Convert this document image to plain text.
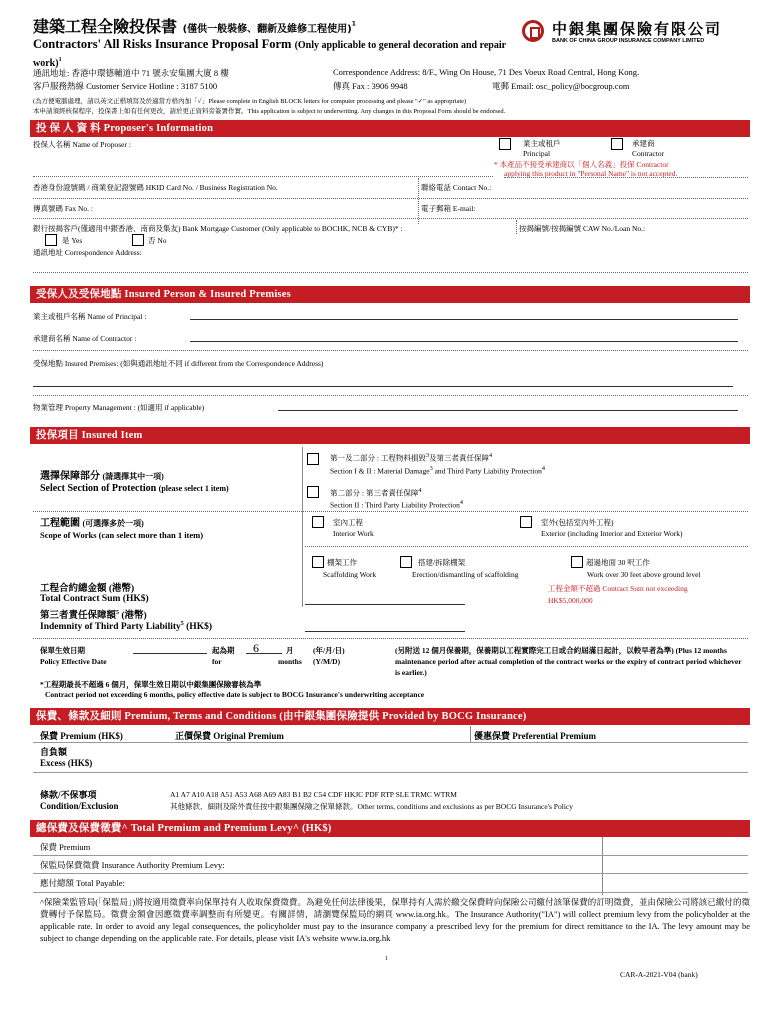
建築工程全險投保書 (僅供一般裝修、翻新及維修工程使用)$^1$
Contractors' All Risks Insurance Proposal Form (Only applicable to general decoration and repair work)$^1$
中銀集團保險有限公司
BANK OF CHINA GROUP INSURANCE COMPANY LIMITED
通訊地址: 香港中環德輔道中 71 號永安集團大廈 8 樓	Correspondence Address: 8/F., Wing On House, 71 Des Voeux Road Central, Hong Kong.
客戶服務熱線 Customer Service Hotline : 3187 5100	傳真 Fax : 3906 9948	電郵 Email: osc_policy@bocgroup.com
(為方便電腦處理，請以英文正楷填寫及於適當方格內加「✓」Please complete in English BLOCK letters for computer processing and please "✓" as appropriate)
本申請須經核保程序，投保書上如有任何更改，請於更正資料旁簽署作實。This application is subject to underwriting. Any changes in this Proposal Form should be endorsed.
投 保 人 資 料 Proposer's Information
投保人名稱 Name of Proposer :	業主或租戶
Principal
承建商
Contractor
* 本產品不接受承建商以「個人名義」投保 Contractor
applying this product in "Personal Name" is not accepted.
香港身份證號碼 / 商業登記證號碼 HKID Card No. / Business Registration No.	聯絡電話 Contact No.:
傳真號碼 Fax No. :	電子郵箱 E-mail:
銀行按揭客戶(僅適用中銀香港、南商及集友) Bank Mortgage Customer (Only applicable to BOCHK, NCB & CYB)* :	按揭編號/按揭編號 CAW No./Loan No.:
是 Yes	否 No
通訊地址 Correspondence Address:
受保人及受保地點 Insured Person & Insured Premises
業主或租戶名稱 Name of Principal :
承建商名稱 Name of Contractor :
受保地點 Insured Premises: (如與通訊地址不同 if different from the Correspondence Address)
物業管理 Property Management : (如適用 if applicable)
投保項目 Insured Item
選擇保障部分 (請選擇其中一項)
Select Section of Protection (please select 1 item)
第一及二部分 : 工程物料損毀$^3$及第三者責任保障$^4$
Section I & II : Material Damage$^3$ and Third Party Liability Protection$^4$
第二部分 : 第三者責任保障$^4$
Section II : Third Party Liability Protection$^4$
工程範圍 (可選擇多於一項)
Scope of Works (can select more than 1 item)
室內工程
Interior Work
室外(包括室內外工程)
Exterior (including Interior and Exterior Work)
棚架工作
Scaffolding Work
搭建/拆除棚架
Erection/dismantling of scaffolding
超過地面 30 呎工作
Work over 30 feet above ground level
工程合約總金額 (港幣)
Total Contract Sum (HK$)
工程金額不超過 Contract Sum not exceeding
HK$5,000,000
第三者責任保障額$^5$ (港幣)
Indemnity of Third Party Liability$^5$ (HK$)
保單生效日期
Policy Effective Date
起為期
for
6	月
months
(年/月/日)
(Y/M/D)
(另附送 12 個月保養期，保養期以工程實際完工日或合約屆滿日起計，以較早者為準) (Plus 12 months maintenance period after actual completion of the contract works or the expiry of contract period whichever is earlier.)
*工程期最長不超過 6 個月，保單生效日期以中銀集團保險審核為準
Contract period not exceeding 6 months, policy effective date is subject to BOCG Insurance's underwriting acceptance
保費、條款及細則 Premium, Terms and Conditions (由中銀集團保險提供 Provided by BOCG Insurance)
保費 Premium (HK$)	正價保費 Original Premium	優惠保費 Preferential Premium
自負額
Excess (HK$)
條款/不保事項
Condition/Exclusion
A1 A7 A10 A18 A51 A53 A68 A69 A83 B1 B2 C54 CDF HKJC PDF RTP SLE TRMC WTRM
其他條款、細則及除外責任按中銀集團保險之保單條款。Other terms, conditions and exclusions as per BOCG Insurance's Policy
總保費及保費徵費^ Total Premium and Premium Levy^ (HK$)
保費 Premium
保監局保費徵費 Insurance Authority Premium Levy:
應付總額 Total Payable:
^保險業監管局(「保監局」)將按適用徵費率向保單持有人收取保費徵費。為避免任何法律後果，保單持有人需於繳交保費時向保險公司繳付該筆保費的訂明徵費，並由保險公司將該已繳付的徵費轉付予保監局。徵費金額會因應徵費率調整而有所變更。有關詳情，請瀏覽保監局的網頁 www.ia.org.hk。The Insurance Authority("IA") will collect premium levy from the policyholder at the applicable rate. In order to avoid any legal consequences, the policyholder must pay to the insurance company a prescribed levy for the premium for direct remittance to the IA. The levy amount may be subject to change depending on the applicable rate. For details, please visit IA's website www.ia.org.hk
1
CAR-A-2021-V04 (bank)
